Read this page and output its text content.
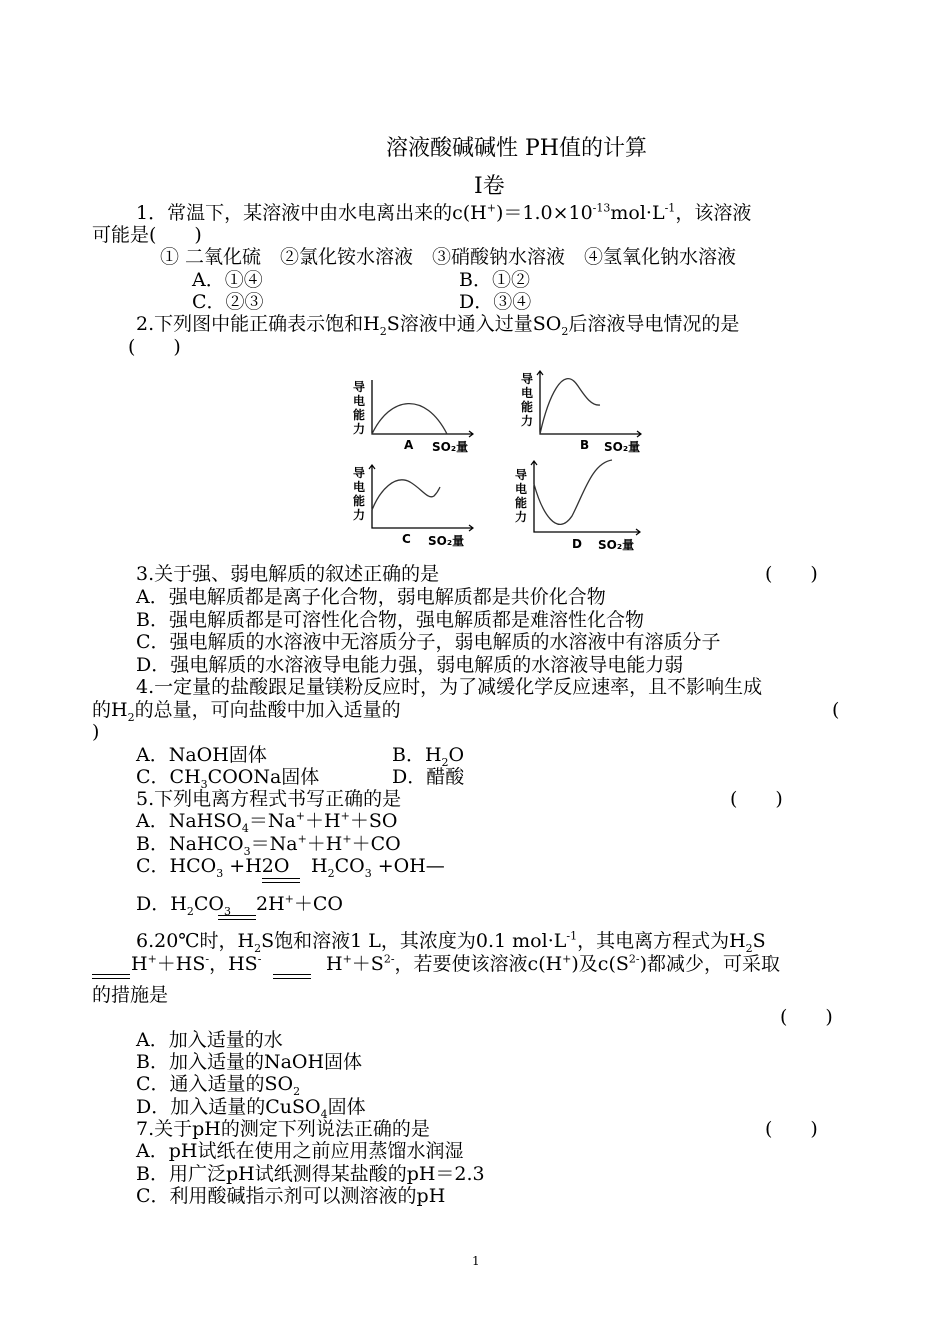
溶液酸碱碱性 PH值的计算
I卷
1．常温下，某溶液中由水电离出来的$c(H^+)=1.0\times 10^{-13}mol\cdot L^{-1}$，该溶液
可能是(　　)
① 二氧化硫　②氯化铵水溶液　③硝酸钠水溶液　④氢氧化钠水溶液
A．①④	B．①②
C．②③	D．③④
2.下列图中能正确表示饱和$H_2S$溶液中通入过量$SO_2$后溶液导电情况的是
(　　)
导
电
能
力
A SO₂量
导
电
能
力
B SO₂量
导
电
能
力
C SO₂量
导
电
能
力
D SO₂量
3.关于强、弱电解质的叙述正确的是	(　　)
A．强电解质都是离子化合物，弱电解质都是共价化合物
B．强电解质都是可溶性化合物，强电解质都是难溶性化合物
C．强电解质的水溶液中无溶质分子，弱电解质的水溶液中有溶质分子
D．强电解质的水溶液导电能力强，弱电解质的水溶液导电能力弱
4.一定量的盐酸跟足量镁粉反应时，为了减缓化学反应速率，且不影响生成
的$H_2$的总量，可向盐酸中加入适量的	(
)
A．NaOH固体	B．$H_2O$
C．$CH_3COONa$固体	D．醋酸
5.下列电离方程式书写正确的是	(　　)
A．NaHSO$_4$＝Na+＋H+＋SO
B．NaHCO$_3$＝Na+＋H+＋CO
C．$HCO_3 +H2O$ $H_2CO_3$ +OH—
D．$H_2CO_3$ 2H+＋CO
6.20℃时，$H_2S$饱和溶液1 L，其浓度为0.1 $mol\cdot L^{-1}$，其电离方程式为$H_2S$
H+＋HS-，HS-	$H^++S^{2-}$，若要使该溶液c(H+)及$c(S^{2-})$都减少，可采取
的措施是
(　　)
A．加入适量的水
B．加入适量的NaOH固体
C．通入适量的$SO_2$
D．加入适量的CuSO$_4$固体
7.关于pH的测定下列说法正确的是	(　　)
A．pH试纸在使用之前应用蒸馏水润湿
B．用广泛pH试纸测得某盐酸的pH＝2.3
C．利用酸碱指示剂可以测溶液的pH
1
